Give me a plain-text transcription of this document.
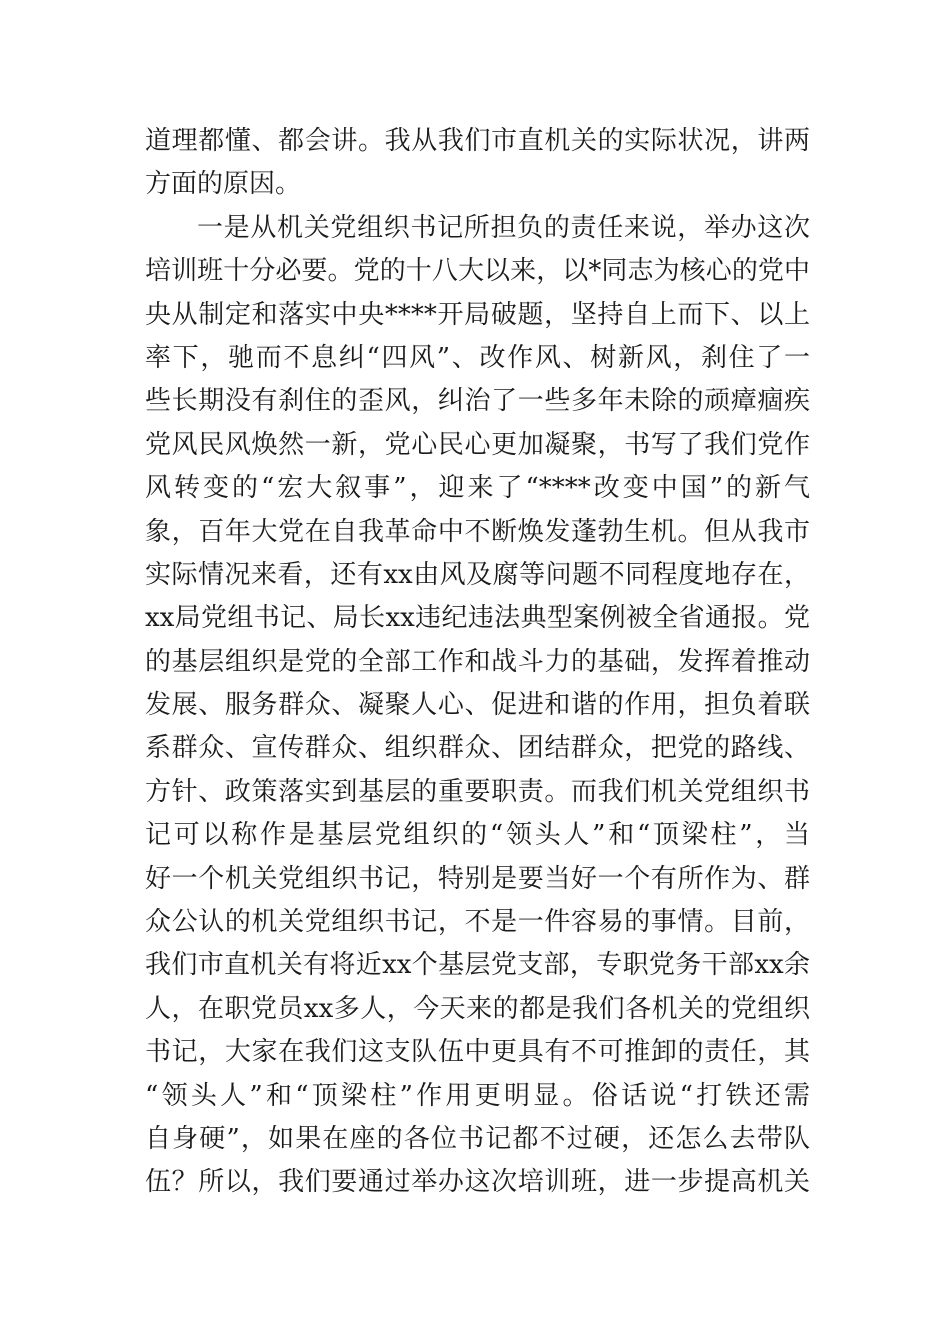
道理都懂、都会讲。我从我们市直机关的实际状况，讲两
方面的原因。
一是从机关党组织书记所担负的责任来说，举办这次
培训班十分必要。党的十八大以来，以*同志为核心的党中
央从制定和落实中央****开局破题，坚持自上而下、以上
率下，驰而不息纠“四风”、改作风、树新风，刹住了一
些长期没有刹住的歪风，纠治了一些多年未除的顽瘴痼疾
党风民风焕然一新，党心民心更加凝聚，书写了我们党作
风转变的“宏大叙事”，迎来了“****改变中国”的新气
象，百年大党在自我革命中不断焕发蓬勃生机。但从我市
实际情况来看，还有xx由风及腐等问题不同程度地存在，
xx局党组书记、局长xx违纪违法典型案例被全省通报。党
的基层组织是党的全部工作和战斗力的基础，发挥着推动
发展、服务群众、凝聚人心、促进和谐的作用，担负着联
系群众、宣传群众、组织群众、团结群众，把党的路线、
方针、政策落实到基层的重要职责。而我们机关党组织书
记可以称作是基层党组织的“领头人”和“顶梁柱”，当
好一个机关党组织书记，特别是要当好一个有所作为、群
众公认的机关党组织书记，不是一件容易的事情。目前，
我们市直机关有将近xx个基层党支部，专职党务干部xx余
人，在职党员xx多人，今天来的都是我们各机关的党组织
书记，大家在我们这支队伍中更具有不可推卸的责任，其
“领头人”和“顶梁柱”作用更明显。俗话说“打铁还需
自身硬”，如果在座的各位书记都不过硬，还怎么去带队
伍？所以，我们要通过举办这次培训班，进一步提高机关
